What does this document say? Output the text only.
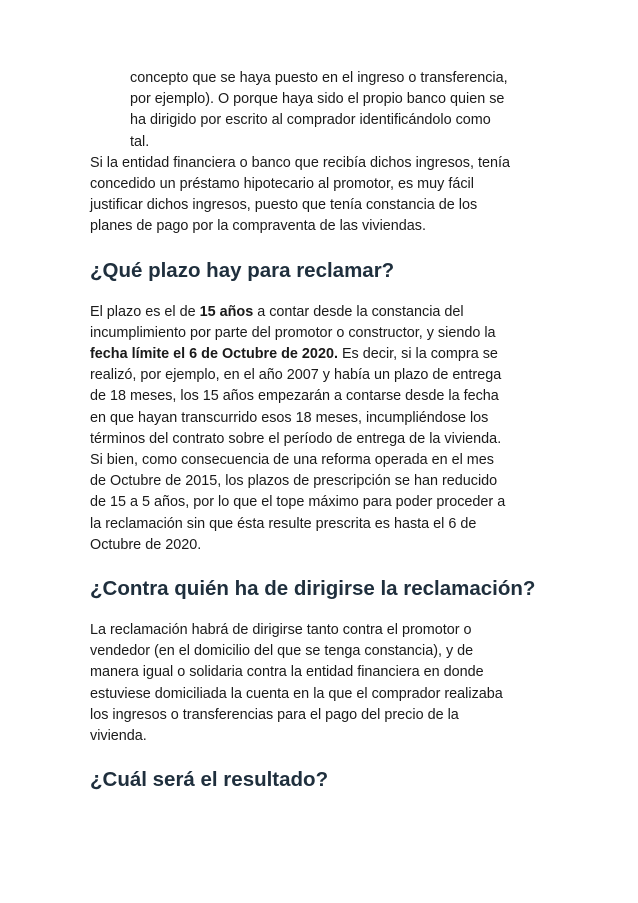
concepto que se haya puesto en el ingreso o transferencia,

por ejemplo). O porque haya sido el propio banco quien se

ha dirigido por escrito al comprador identificándolo como

tal.

Si la entidad financiera o banco que recibía dichos ingresos, tenía

concedido un préstamo hipotecario al promotor, es muy fácil

justificar dichos ingresos, puesto que tenía constancia de los

planes de pago por la compraventa de las viviendas.

¿Qué plazo hay para reclamar?

El plazo es el de 15 años a contar desde la constancia del

incumplimiento por parte del promotor o constructor, y siendo la

fecha límite el 6 de Octubre de 2020. Es decir, si la compra se

realizó, por ejemplo, en el año 2007 y había un plazo de entrega

de 18 meses, los 15 años empezarán a contarse desde la fecha

en que hayan transcurrido esos 18 meses, incumpliéndose los

términos del contrato sobre el período de entrega de la vivienda.

Si bien, como consecuencia de una reforma operada en el mes

de Octubre de 2015, los plazos de prescripción se han reducido

de 15 a 5 años, por lo que el tope máximo para poder proceder a

la reclamación sin que ésta resulte prescrita es hasta el 6 de

Octubre de 2020.

¿Contra quién ha de dirigirse la reclamación?

La reclamación habrá de dirigirse tanto contra el promotor o

vendedor (en el domicilio del que se tenga constancia), y de

manera igual o solidaria contra la entidad financiera en donde

estuviese domiciliada la cuenta en la que el comprador realizaba

los ingresos o transferencias para el pago del precio de la

vivienda.

¿Cuál será el resultado?
